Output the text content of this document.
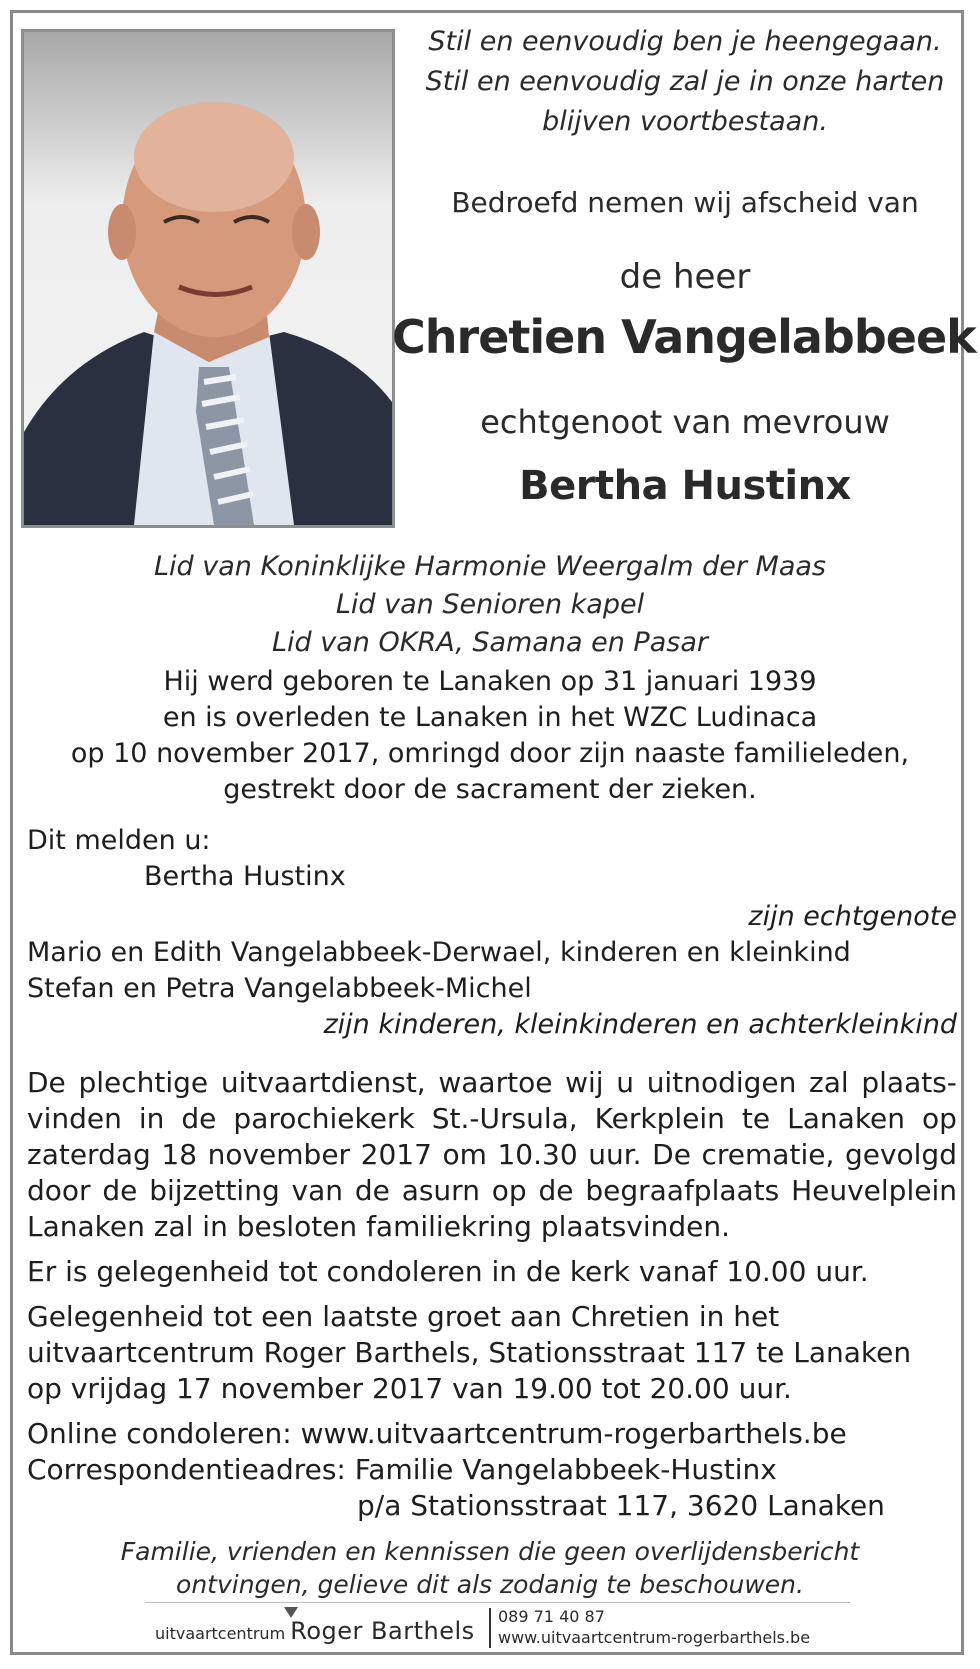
Stil en eenvoudig ben je heengegaan.
Stil en eenvoudig zal je in onze harten
blijven voortbestaan.
Bedroefd nemen wij afscheid van
de heer
Chretien Vangelabbeek
echtgenoot van mevrouw
Bertha Hustinx
Lid van Koninklijke Harmonie Weergalm der Maas
Lid van Senioren kapel
Lid van OKRA, Samana en Pasar
Hij werd geboren te Lanaken op 31 januari 1939
en is overleden te Lanaken in het WZC Ludinaca
op 10 november 2017, omringd door zijn naaste familieleden,
gestrekt door de sacrament der zieken.
Dit melden u:
Bertha Hustinx
zijn echtgenote
Mario en Edith Vangelabbeek-Derwael, kinderen en kleinkind
Stefan en Petra Vangelabbeek-Michel
zijn kinderen, kleinkinderen en achterkleinkind
De plechtige uitvaartdienst, waartoe wij u uitnodigen zal plaats-
vinden in de parochiekerk St.-Ursula, Kerkplein te Lanaken op
zaterdag 18 november 2017 om 10.30 uur. De crematie, gevolgd
door de bijzetting van de asurn op de begraafplaats Heuvelplein
Lanaken zal in besloten familiekring plaatsvinden.
Er is gelegenheid tot condoleren in de kerk vanaf 10.00 uur.
Gelegenheid tot een laatste groet aan Chretien in het
uitvaartcentrum Roger Barthels, Stationsstraat 117 te Lanaken
op vrijdag 17 november 2017 van 19.00 tot 20.00 uur.
Online condoleren: www.uitvaartcentrum-rogerbarthels.be
Correspondentieadres: Familie Vangelabbeek-Hustinx
p/a Stationsstraat 117, 3620 Lanaken
Familie, vrienden en kennissen die geen overlijdensbericht
ontvingen, gelieve dit als zodanig te beschouwen.
uitvaartcentrum Roger Barthels
089 71 40 87
www.uitvaartcentrum-rogerbarthels.be
